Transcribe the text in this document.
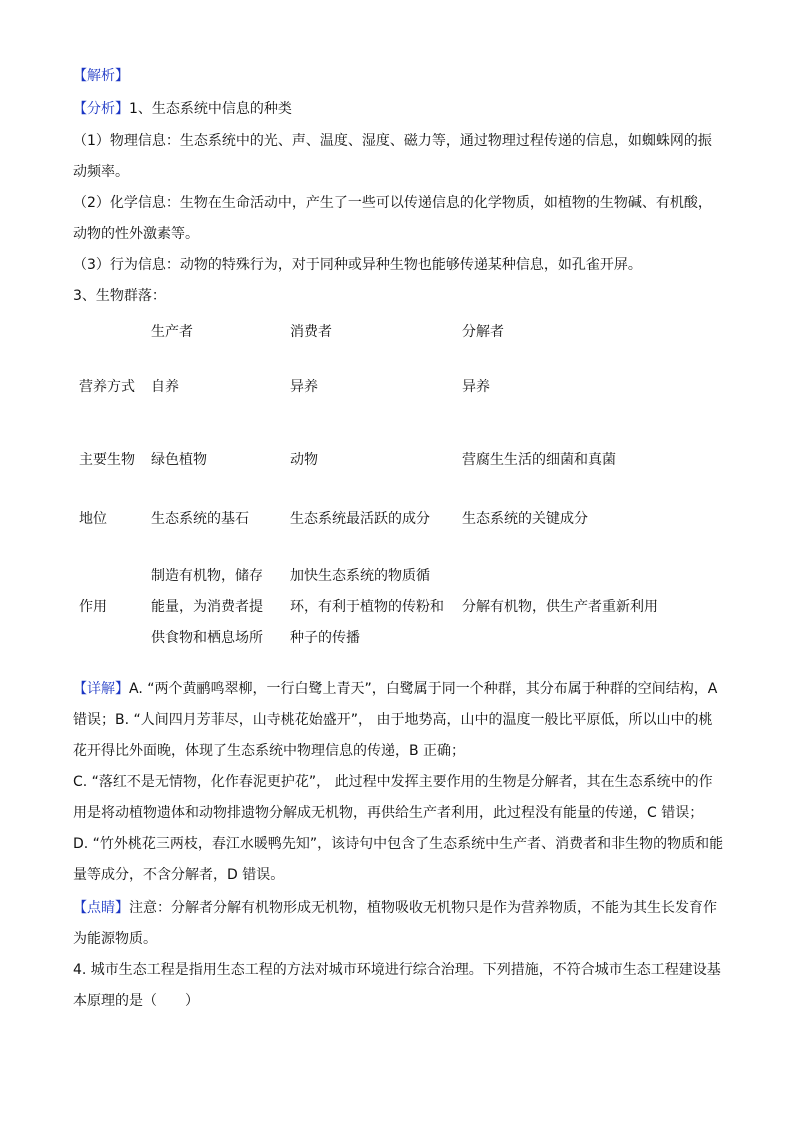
【解析】
【分析】1、生态系统中信息的种类
（1）物理信息：生态系统中的光、声、温度、湿度、磁力等，通过物理过程传递的信息，如蜘蛛网的振
动频率。
（2）化学信息：生物在生命活动中，产生了一些可以传递信息的化学物质，如植物的生物碱、有机酸，
动物的性外激素等。
（3）行为信息：动物的特殊行为，对于同种或异种生物也能够传递某种信息，如孔雀开屏。
3、生物群落：
	生产者	消费者	分解者
营养方式	自养	异养	异养
主要生物	绿色植物	动物	营腐生生活的细菌和真菌
地位	生态系统的基石	生态系统最活跃的成分	生态系统的关键成分
作用	制造有机物，储存能量，为消费者提供食物和栖息场所	加快生态系统的物质循环，有利于植物的传粉和种子的传播	分解有机物，供生产者重新利用
【详解】A. “两个黄鹂鸣翠柳，一行白鹭上青天”，白鹭属于同一个种群，其分布属于种群的空间结构，A
错误；B. “人间四月芳菲尽，山寺桃花始盛开”， 由于地势高，山中的温度一般比平原低，所以山中的桃
花开得比外面晚，体现了生态系统中物理信息的传递，B 正确；
C. “落红不是无情物，化作春泥更护花”， 此过程中发挥主要作用的生物是分解者，其在生态系统中的作
用是将动植物遗体和动物排遗物分解成无机物，再供给生产者利用，此过程没有能量的传递，C 错误；
D. “竹外桃花三两枝，春江水暖鸭先知”，该诗句中包含了生态系统中生产者、消费者和非生物的物质和能
量等成分，不含分解者，D 错误。
【点睛】注意：分解者分解有机物形成无机物，植物吸收无机物只是作为营养物质，不能为其生长发育作
为能源物质。
4. 城市生态工程是指用生态工程的方法对城市环境进行综合治理。下列措施，不符合城市生态工程建设基
本原理的是（　　）
